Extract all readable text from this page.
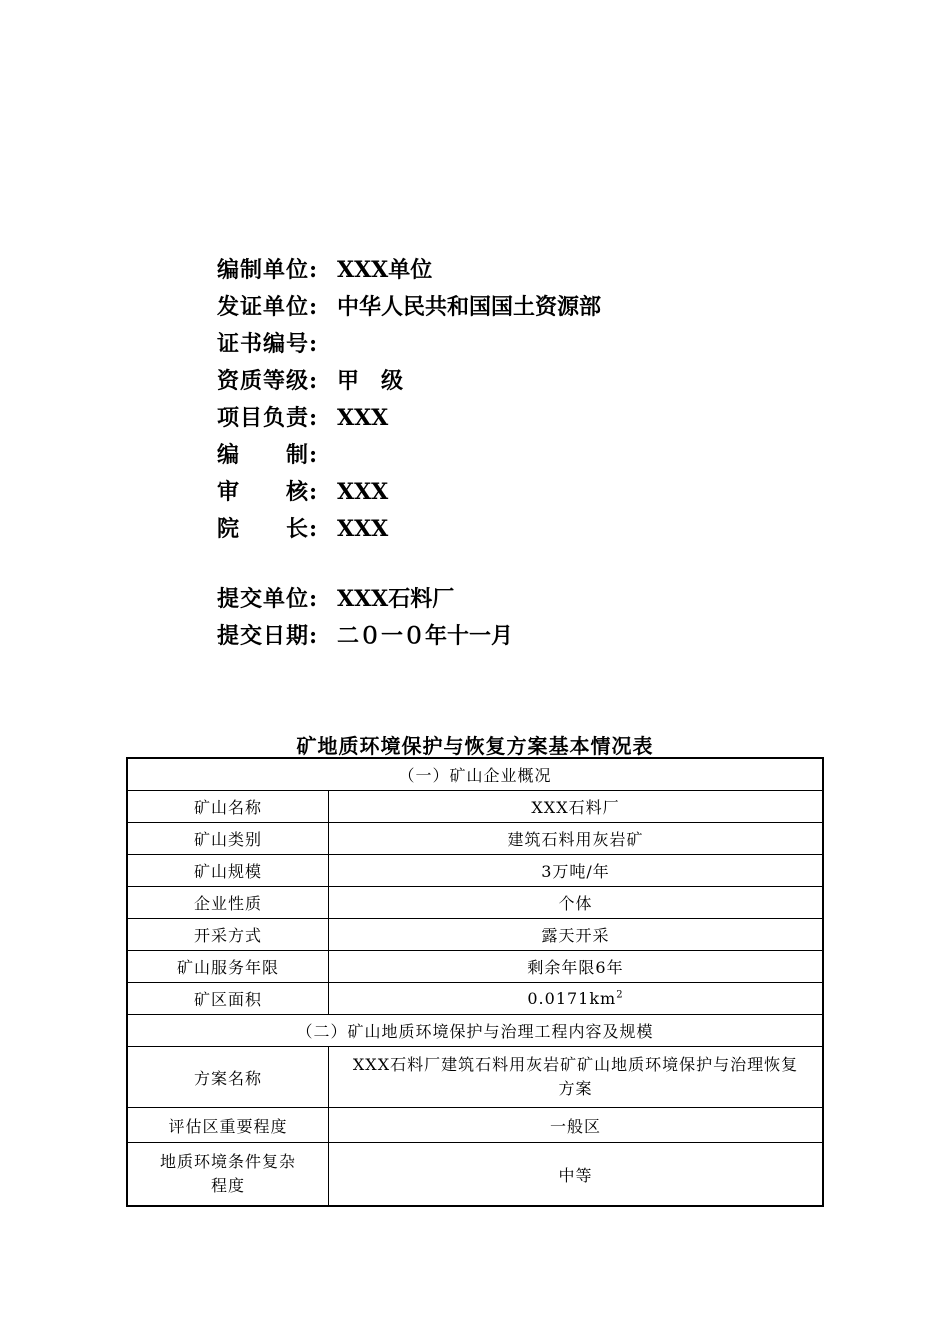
编制单位: XXX单位
发证单位: 中华人民共和国国土资源部
证书编号:
资质等级: 甲　级
项目负责: XXX
编　　制:
审　　核: XXX
院　　长: XXX
提交单位: XXX石料厂
提交日期: 二０一０年十一月
矿地质环境保护与恢复方案基本情况表
（一）矿山企业概况	
矿山名称	XXX石料厂
矿山类别	建筑石料用灰岩矿
矿山规模	3万吨/年
企业性质	个体
开采方式	露天开采
矿山服务年限	剩余年限6年
矿区面积	$0.0171km^2$
（二）矿山地质环境保护与治理工程内容及规模	
方案名称	XXX石料厂建筑石料用灰岩矿矿山地质环境保护与治理恢复方案
评估区重要程度	一般区
地质环境条件复杂程度	中等
